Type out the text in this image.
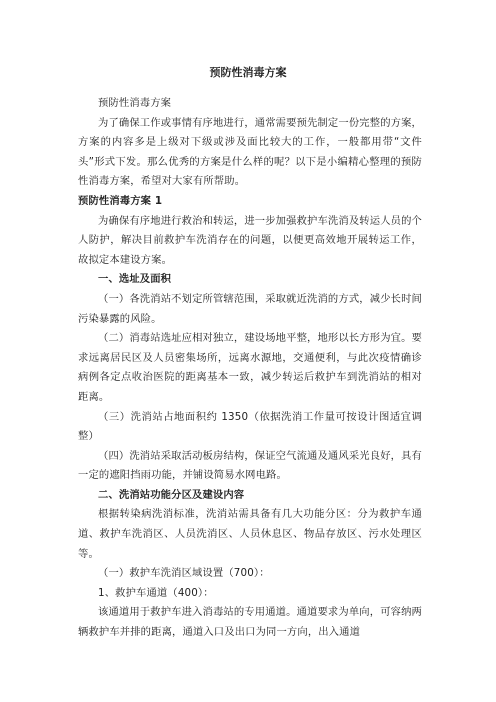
预防性消毒方案

预防性消毒方案

为了确保工作或事情有序地进行，通常需要预先制定一份完整的方案，方案的内容多是上级对下级或涉及面比较大的工作，一般都用带“文件头”形式下发。那么优秀的方案是什么样的呢？以下是小编精心整理的预防性消毒方案，希望对大家有所帮助。

预防性消毒方案 1

为确保有序地进行救治和转运，进一步加强救护车洗消及转运人员的个人防护，解决目前救护车洗消存在的问题，以便更高效地开展转运工作，故拟定本建设方案。

一、选址及面积

（一）各洗消站不划定所管辖范围，采取就近洗消的方式，减少长时间污染暴露的风险。

（二）消毒站选址应相对独立，建设场地平整，地形以长方形为宜。要求远离居民区及人员密集场所，远离水源地，交通便利，与此次疫情确诊病例各定点收治医院的距离基本一致，减少转运后救护车到洗消站的相对距离。

（三）洗消站占地面积约 1350（依据洗消工作量可按设计图适宜调整）

（四）洗消站采取活动板房结构，保证空气流通及通风采光良好，具有一定的遮阳挡雨功能，并铺设简易水网电路。

二、洗消站功能分区及建设内容

根据转染病洗消标准，洗消站需具备有几大功能分区：分为救护车通道、救护车洗消区、人员洗消区、人员休息区、物品存放区、污水处理区等。

（一）救护车洗消区域设置（700）：

1、救护车通道（400）：

该通道用于救护车进入消毒站的专用通道。通道要求为单向，可容纳两辆救护车并排的距离，通道入口及出口为同一方向，出入通道
